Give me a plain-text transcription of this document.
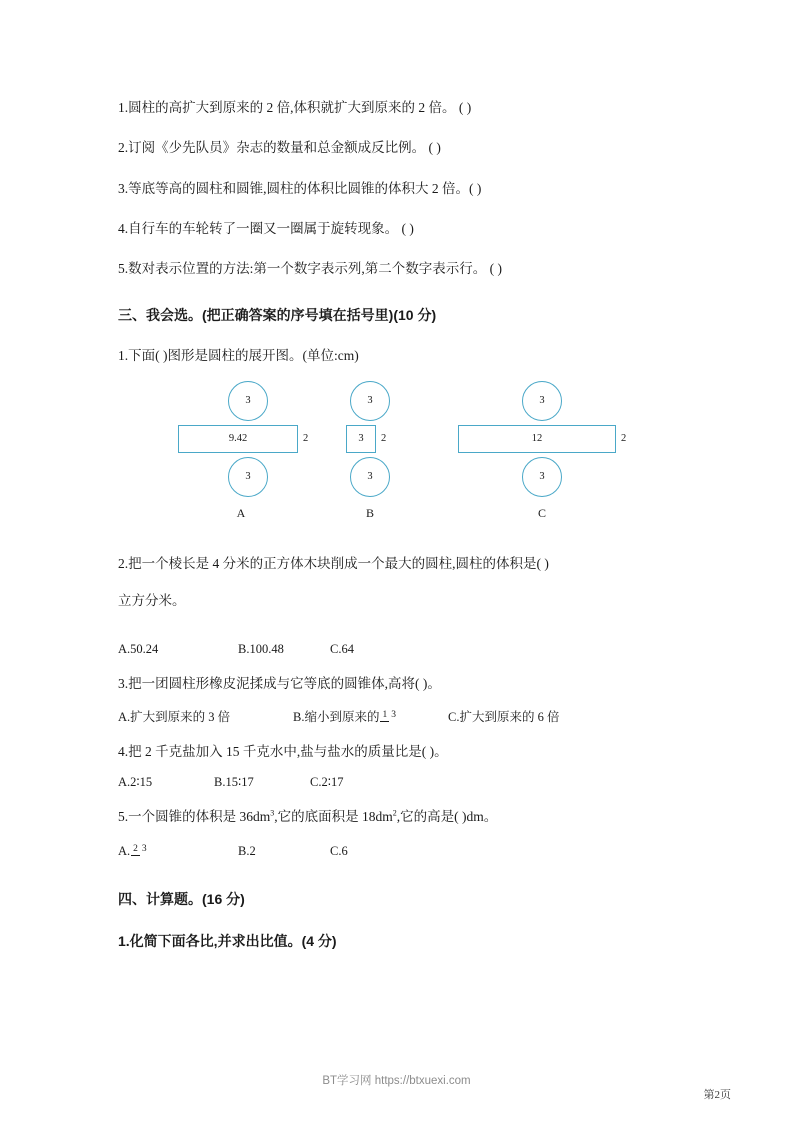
1.圆柱的高扩大到原来的 2 倍,体积就扩大到原来的 2 倍。 ( )
2.订阅《少先队员》杂志的数量和总金额成反比例。 ( )
3.等底等高的圆柱和圆锥,圆柱的体积比圆锥的体积大 2 倍。( )
4.自行车的车轮转了一圈又一圈属于旋转现象。 ( )
5.数对表示位置的方法:第一个数字表示列,第二个数字表示行。 ( )
三、我会选。(把正确答案的序号填在括号里)(10 分)
1.下面( )图形是圆柱的展开图。(单位:cm)
3
9.42	2
3
A
3
3	2
3
B
3
12	2
3
C
2.把一个棱长是 4 分米的正方体木块削成一个最大的圆柱,圆柱的体积是( )
立方分米。
A.50.24	B.100.48	C.64
3.把一团圆柱形橡皮泥揉成与它等底的圆锥体,高将( )。
A.扩大到原来的 3 倍	B.缩小到原来的 1 3	C.扩大到原来的 6 倍
4.把 2 千克盐加入 15 千克水中,盐与盐水的质量比是( )。
A.2∶15	B.15∶17	C.2∶17
5.一个圆锥的体积是 $36dm^3$,它的底面积是 $18dm^2$,它的高是( )dm。
A. 2 3	B.2	C.6
四、计算题。(16 分)
1.化简下面各比,并求出比值。(4 分)
BT学习网 https://btxuexi.com
第2页
